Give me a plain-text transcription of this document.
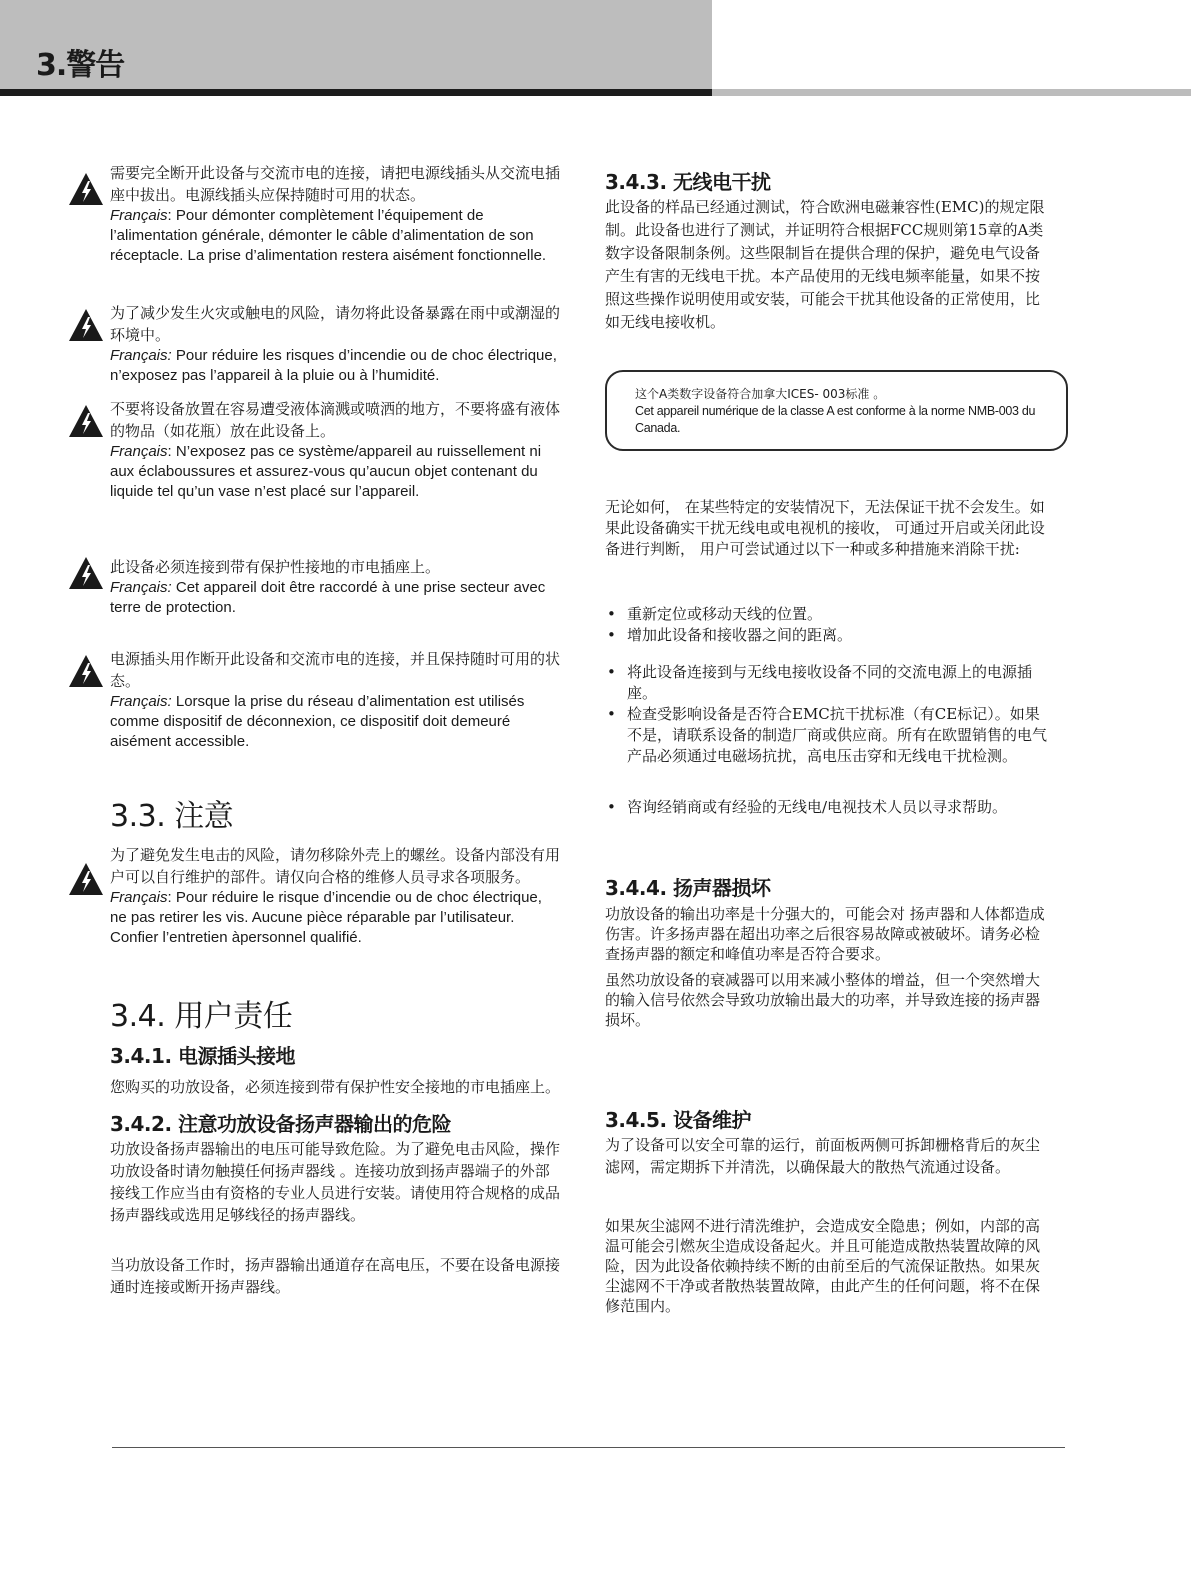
3.警告
需要完全断开此设备与交流市电的连接，请把电源线插头从交流电插座中拔出。电源线插头应保持随时可用的状态。
Français: Pour démonter complètement l’équipement de l’alimentation générale, démonter le câble d’alimentation de son réceptacle. La prise d’alimentation restera aisément fonctionnelle.
为了减少发生火灾或触电的风险，请勿将此设备暴露在雨中或潮湿的环境中。
Français: Pour réduire les risques d’incendie ou de choc électrique, n’exposez pas l’appareil à la pluie ou à l’humidité.
不要将设备放置在容易遭受液体滴溅或喷洒的地方，不要将盛有液体的物品（如花瓶）放在此设备上。
Français: N’exposez pas ce système/appareil au ruissellement ni aux éclaboussures et assurez-vous qu’aucun objet contenant du liquide tel qu’un vase n’est placé sur l’appareil.
此设备必须连接到带有保护性接地的市电插座上。
Français: Cet appareil doit être raccordé à une prise secteur avec terre de protection.
电源插头用作断开此设备和交流市电的连接，并且保持随时可用的状态。
Français: Lorsque la prise du réseau d’alimentation est utilisés comme dispositif de déconnexion, ce dispositif doit demeuré aisément accessible.
3.3. 注意
为了避免发生电击的风险，请勿移除外壳上的螺丝。设备内部没有用户可以自行维护的部件。请仅向合格的维修人员寻求各项服务。
Français: Pour réduire le risque d’incendie ou de choc électrique, ne pas retirer les vis. Aucune pièce réparable par l’utilisateur. Confier l’entretien àpersonnel qualifié.
3.4. 用户责任
3.4.1. 电源插头接地
您购买的功放设备，必须连接到带有保护性安全接地的市电插座上。
3.4.2. 注意功放设备扬声器输出的危险
功放设备扬声器输出的电压可能导致危险。为了避免电击风险，操作功放设备时请勿触摸任何扬声器线 。连接功放到扬声器端子的外部接线工作应当由有资格的专业人员进行安装。请使用符合规格的成品扬声器线或选用足够线径的扬声器线。
当功放设备工作时，扬声器输出通道存在高电压，不要在设备电源接通时连接或断开扬声器线。
3.4.3. 无线电干扰
此设备的样品已经通过测试，符合欧洲电磁兼容性(EMC)的规定限制。此设备也进行了测试，并证明符合根据FCC规则第15章的A类数字设备限制条例。这些限制旨在提供合理的保护，避免电气设备产生有害的无线电干扰。本产品使用的无线电频率能量，如果不按照这些操作说明使用或安装，可能会干扰其他设备的正常使用，比如无线电接收机。
这个A类数字设备符合加拿大ICES- 003标准 。
Cet appareil numérique de la classe A est conforme à la norme NMB-003 du Canada.
无论如何， 在某些特定的安装情况下，无法保证干扰不会发生。如果此设备确实干扰无线电或电视机的接收， 可通过开启或关闭此设备进行判断， 用户可尝试通过以下一种或多种措施来消除干扰:
• 重新定位或移动天线的位置。
• 增加此设备和接收器之间的距离。
• 将此设备连接到与无线电接收设备不同的交流电源上的电源插座。
• 检查受影响设备是否符合EMC抗干扰标准（有CE标记）。如果不是，请联系设备的制造厂商或供应商。所有在欧盟销售的电气产品必须通过电磁场抗扰，高电压击穿和无线电干扰检测。
• 咨询经销商或有经验的无线电/电视技术人员以寻求帮助。
3.4.4. 扬声器损坏
功放设备的输出功率是十分强大的，可能会对 扬声器和人体都造成伤害。许多扬声器在超出功率之后很容易故障或被破坏。请务必检查扬声器的额定和峰值功率是否符合要求。
虽然功放设备的衰减器可以用来减小整体的增益，但一个突然增大的输入信号依然会导致功放输出最大的功率，并导致连接的扬声器损坏。
3.4.5. 设备维护
为了设备可以安全可靠的运行，前面板两侧可拆卸栅格背后的灰尘滤网，需定期拆下并清洗，以确保最大的散热气流通过设备。
如果灰尘滤网不进行清洗维护，会造成安全隐患；例如，内部的高温可能会引燃灰尘造成设备起火。并且可能造成散热装置故障的风险，因为此设备依赖持续不断的由前至后的气流保证散热。如果灰尘滤网不干净或者散热装置故障，由此产生的任何问题，将不在保修范围内。
